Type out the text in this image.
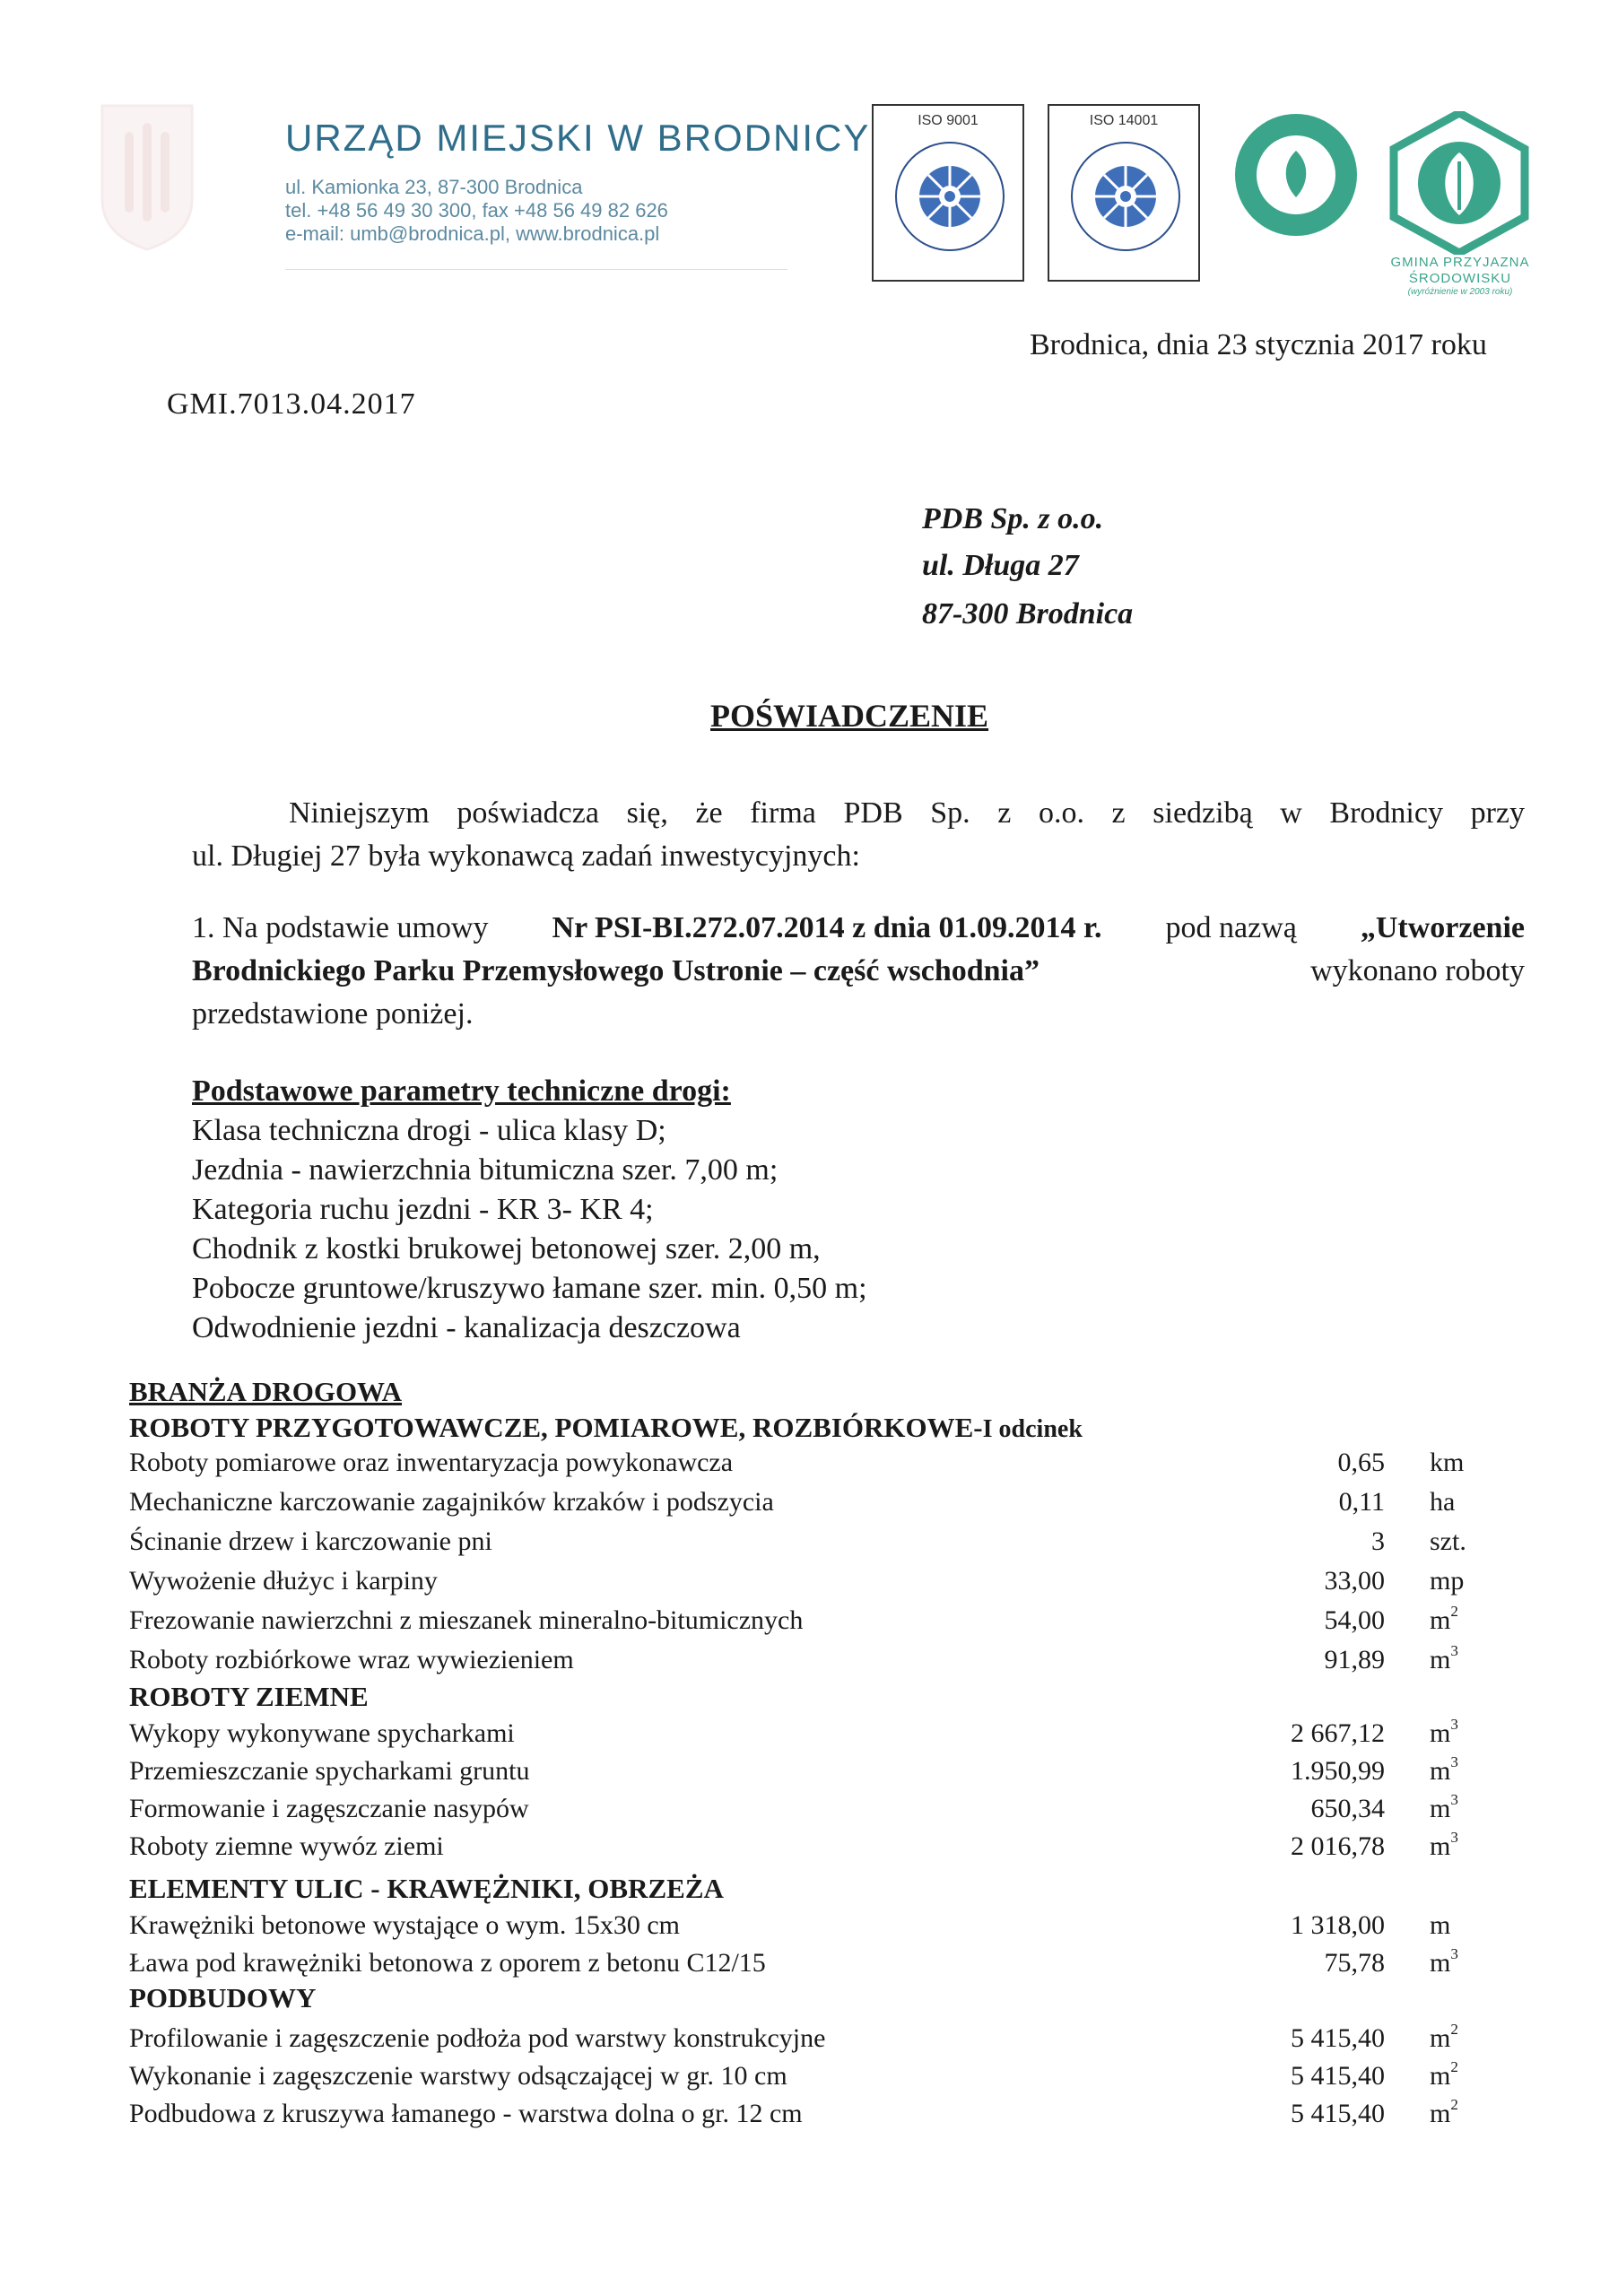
URZĄD MIEJSKI W BRODNICY
ul. Kamionka 23, 87-300 Brodnica
tel. +48 56 49 30 300, fax +48 56 49 82 626
e-mail: umb@brodnica.pl, www.brodnica.pl
ISO 9001	ISO 14001
GMINA PRZYJAZNA
ŚRODOWISKU
(wyróżnienie w 2003 roku)
Brodnica, dnia 23 stycznia 2017 roku
GMI.7013.04.2017
PDB Sp. z o.o.
ul. Długa 27
87-300 Brodnica
POŚWIADCZENIE
Niniejszym poświadcza się, że firma PDB Sp. z o.o. z siedzibą w Brodnicy przy
ul. Długiej 27 była wykonawcą zadań inwestycyjnych:
1. Na podstawie umowy Nr PSI-BI.272.07.2014 z dnia 01.09.2014 r. pod nazwą „Utworzenie
Brodnickiego Parku Przemysłowego Ustronie – część wschodnia”	wykonano roboty
przedstawione poniżej.
Podstawowe parametry techniczne drogi:
Klasa techniczna drogi - ulica klasy D;
Jezdnia - nawierzchnia bitumiczna szer. 7,00 m;
Kategoria ruchu jezdni - KR 3- KR 4;
Chodnik z kostki brukowej betonowej szer. 2,00 m,
Pobocze gruntowe/kruszywo łamane szer. min. 0,50 m;
Odwodnienie jezdni - kanalizacja deszczowa
BRANŻA DROGOWA
ROBOTY PRZYGOTOWAWCZE, POMIAROWE, ROZBIÓRKOWE-I odcinek
Roboty pomiarowe oraz inwentaryzacja powykonawcza	0,65 km
Mechaniczne karczowanie zagajników krzaków i podszycia	0,11 ha
Ścinanie drzew i karczowanie pni	3 szt.
Wywożenie dłużyc i karpiny	33,00 mp
Frezowanie nawierzchni z mieszanek mineralno-bitumicznych	54,00 $m^2$
Roboty rozbiórkowe wraz wywiezieniem	91,89 $m^3$
ROBOTY ZIEMNE
Wykopy wykonywane spycharkami	2 667,12 $m^3$
Przemieszczanie spycharkami gruntu	1.950,99 $m^3$
Formowanie i zagęszczanie nasypów	650,34 $m^3$
Roboty ziemne wywóz ziemi	2 016,78 $m^3$
ELEMENTY ULIC - KRAWĘŻNIKI, OBRZEŻA
Krawężniki betonowe wystające o wym. 15x30 cm	1 318,00 m
Ława pod krawężniki betonowa z oporem z betonu C12/15	75,78 $m^3$
PODBUDOWY
Profilowanie i zagęszczenie podłoża pod warstwy konstrukcyjne	5 415,40 $m^2$
Wykonanie i zagęszczenie warstwy odsączającej w gr. 10 cm	5 415,40 $m^2$
Podbudowa z kruszywa łamanego - warstwa dolna o gr. 12 cm	5 415,40 $m^2$
